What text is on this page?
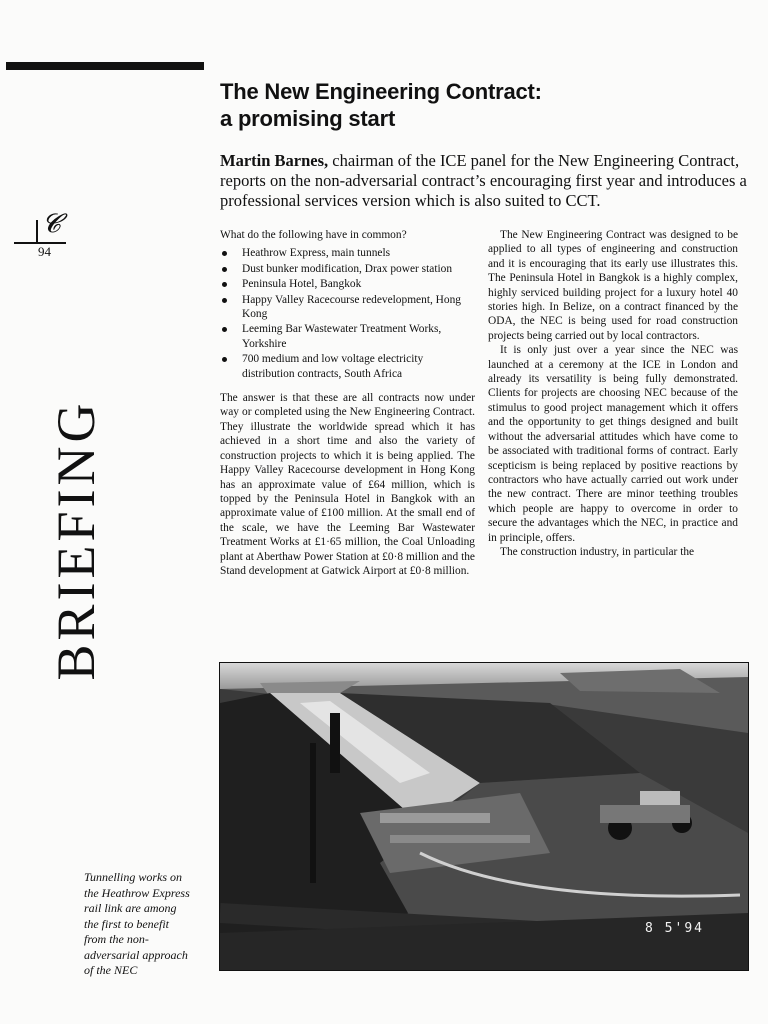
The New Engineering Contract:
a promising start

Martin Barnes, chairman of the ICE panel for the New Engineering Contract, reports on the non-adversarial contract’s encouraging first year and introduces a professional services version which is also suited to CCT.

𝓒
94
BRIEFING

What do the following have in common?

Heathrow Express, main tunnels
Dust bunker modification, Drax power station
Peninsula Hotel, Bangkok
Happy Valley Racecourse redevelopment, Hong Kong
Leeming Bar Wastewater Treatment Works, Yorkshire
700 medium and low voltage electricity distribution contracts, South Africa

The answer is that these are all contracts now under way or completed using the New Engineering Contract. They illustrate the worldwide spread which it has achieved in a short time and also the variety of construction projects to which it is being applied. The Happy Valley Racecourse development in Hong Kong has an approximate value of £64 million, which is topped by the Peninsula Hotel in Bangkok with an approximate value of £100 million. At the small end of the scale, we have the Leeming Bar Wastewater Treatment Works at £1·65 million, the Coal Unloading plant at Aberthaw Power Station at £0·8 million and the Stand development at Gatwick Airport at £0·8 million.

The New Engineering Contract was designed to be applied to all types of engineering and construction and it is encouraging that its early use illustrates this. The Peninsula Hotel in Bangkok is a highly complex, highly serviced building project for a luxury hotel 40 stories high. In Belize, on a contract financed by the ODA, the NEC is being used for road construction projects being carried out by local contractors.

It is only just over a year since the NEC was launched at a ceremony at the ICE in London and already its versatility is being fully demonstrated. Clients for projects are choosing NEC because of the stimulus to good project management which it offers and the opportunity to get things designed and built without the adversarial attitudes which have come to be associated with traditional forms of contract. Early scepticism is being replaced by positive reactions by contractors who have actually carried out work under the new contract. There are minor teething troubles which people are happy to overcome in order to secure the advantages which the NEC, in practice and in principle, offers.

The construction industry, in particular the

8 5'94
Tunnelling works on
the Heathrow Express
rail link are among
the first to benefit
from the non-
adversarial approach
of the NEC
